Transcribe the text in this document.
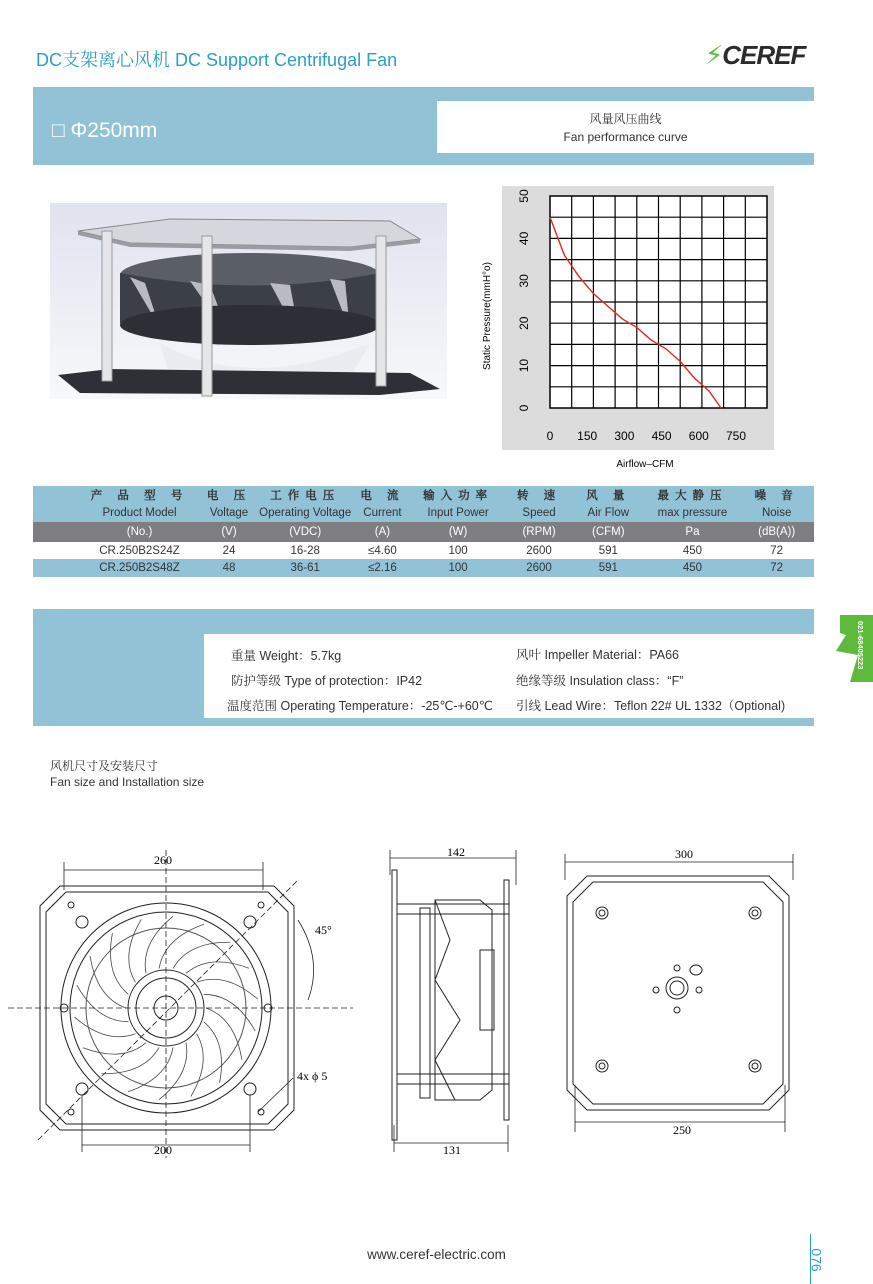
DC支架离心风机 DC Support Centrifugal Fan	⚡CEREF
□ Φ250mm	风量风压曲线
Fan performance curve
0
10
20
30
40
50
0 150 300 450 600 750
Static Pressure(mmH°o)
Airflow–CFM
	产 品 型 号	电 压	工作电压	电 流	输入功率	转 速	风 量	最大静压	噪 音
	Product Model	Voltage	Operating Voltage	Current	Input Power	Speed	Air Flow	max pressure	Noise
	(No.)	(V)	(VDC)	(A)	(W)	(RPM)	(CFM)	Pa	(dB(A))
	CR.250B2S24Z	24	16-28	≤4.60	100	2600	591	450	72
	CR.250B2S48Z	48	36-61	≤2.16	100	2600	591	450	72
重量 Weight：5.7kg	风叶 Impeller Material：PA66
防护等级 Type of protection：IP42	绝缘等级 Insulation class：“F”
温度范围 Operating Temperature：-25℃-+60℃ 引线 Lead Wire：Teflon 22# UL 1332（Optional)
风机尺寸及安装尺寸
Fan size and Installation size
260
200
45°
4x ϕ 5
142
131
300
250
021-68405223
www.ceref-electric.com	076
